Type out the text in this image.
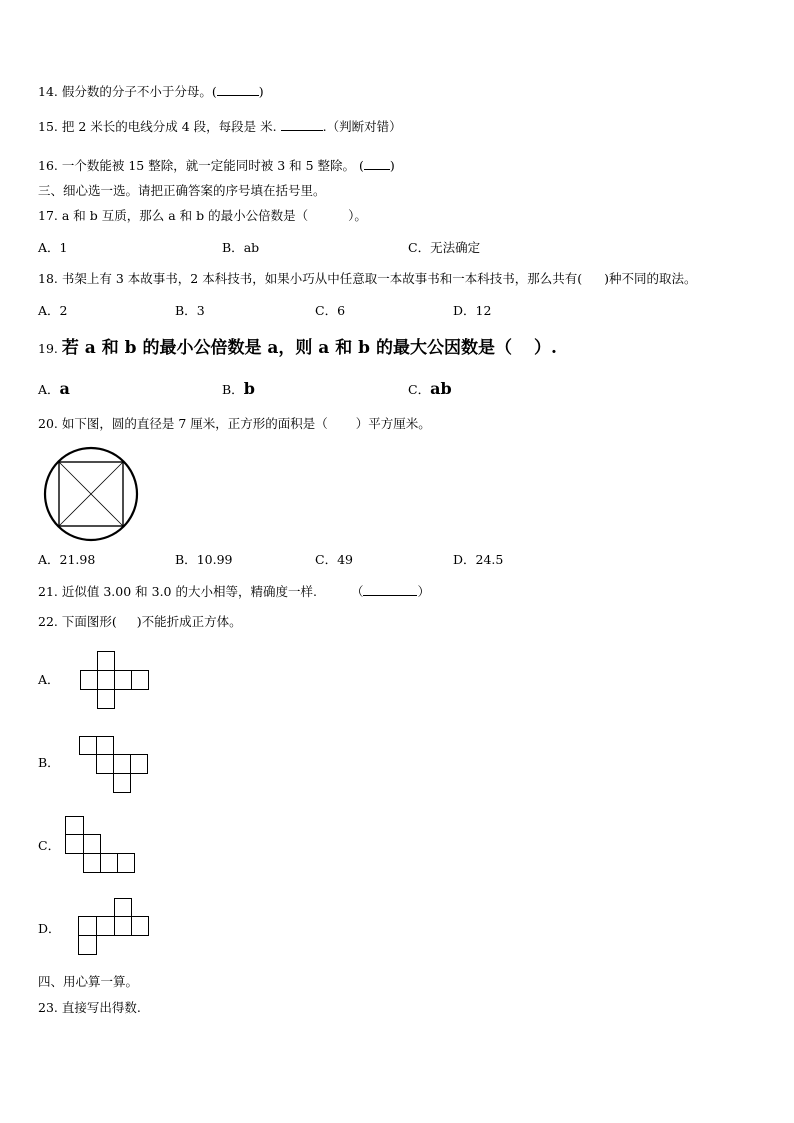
14. 假分数的分子不小于分母。(	)
15. 把 2 米长的电线分成 4 段，每段是 米.	.（判断对错）
16. 一个数能被 15 整除，就一定能同时被 3 和 5 整除。 ( )
三、细心选一选。请把正确答案的序号填在括号里。
17. a 和 b 互质，那么 a 和 b 的最小公倍数是（	）。
A．1	B．ab	C．无法确定
18. 书架上有 3 本故事书，2 本科技书，如果小巧从中任意取一本故事书和一本科技书，那么共有( )种不同的取法。
A．2	B．3	C．6	D．12
19. 若 a 和 b 的最小公倍数是 a，则 a 和 b 的最大公因数是（ ）.
A．a	B．b	C．ab
20. 如下图，圆的直径是 7 厘米，正方形的面积是（ ）平方厘米。
A．21.98	B．10.99	C．49	D．24.5
21. 近似值 3.00 和 3.0 的大小相等，精确度一样.	（	）
22. 下面图形( )不能折成正方体。
A．
B．
C．
D．
四、用心算一算。
23. 直接写出得数.
